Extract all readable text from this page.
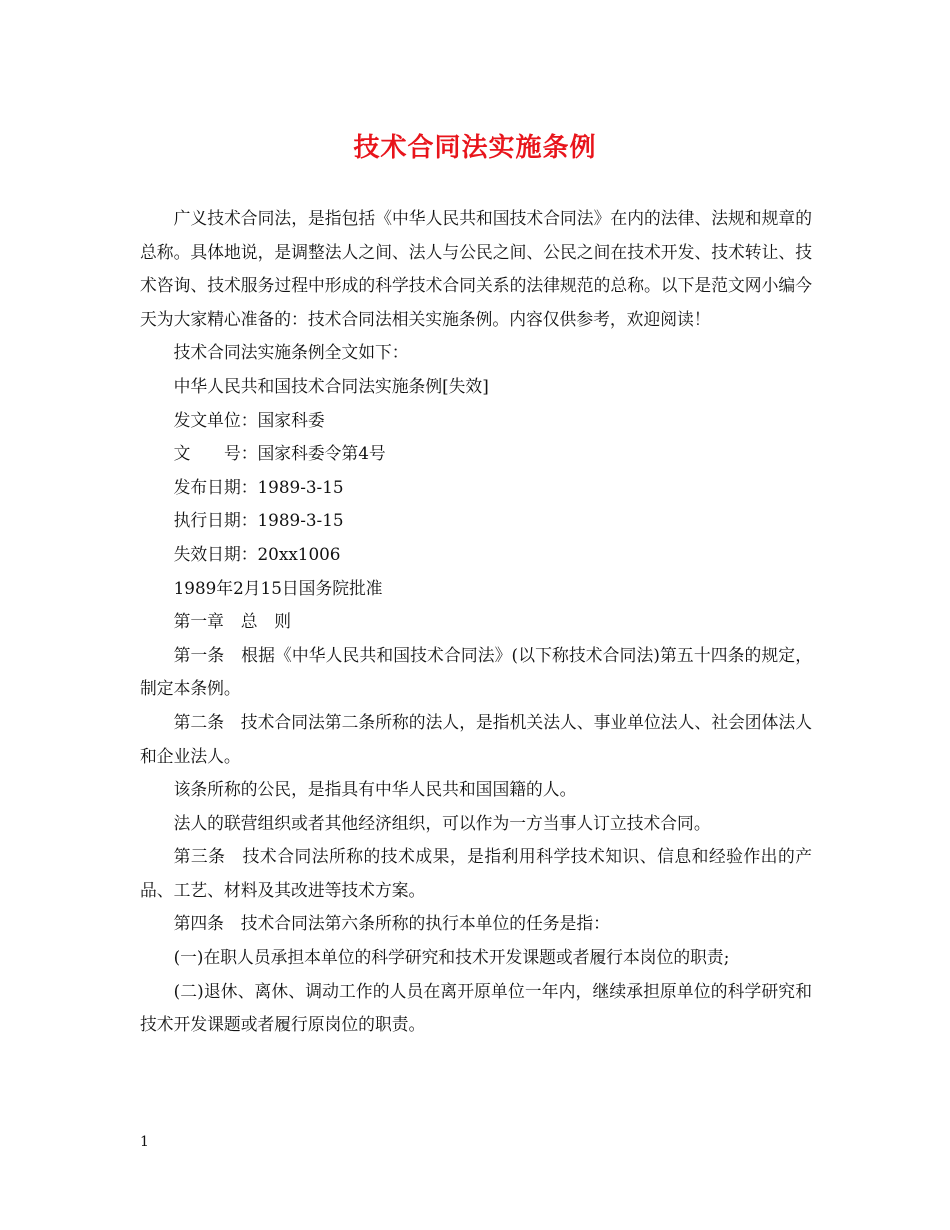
技术合同法实施条例

广义技术合同法，是指包括《中华人民共和国技术合同法》在内的法律、法规和规章的总称。具体地说，是调整法人之间、法人与公民之间、公民之间在技术开发、技术转让、技术咨询、技术服务过程中形成的科学技术合同关系的法律规范的总称。以下是范文网小编今天为大家精心准备的：技术合同法相关实施条例。内容仅供参考，欢迎阅读！

技术合同法实施条例全文如下：

中华人民共和国技术合同法实施条例[失效]

发文单位：国家科委

文　　号：国家科委令第4号

发布日期：1989-3-15

执行日期：1989-3-15

失效日期：20xx1006

1989年2月15日国务院批准

第一章　总　则

第一条　根据《中华人民共和国技术合同法》(以下称技术合同法)第五十四条的规定，制定本条例。

第二条　技术合同法第二条所称的法人，是指机关法人、事业单位法人、社会团体法人和企业法人。

该条所称的公民，是指具有中华人民共和国国籍的人。

法人的联营组织或者其他经济组织，可以作为一方当事人订立技术合同。

第三条　技术合同法所称的技术成果，是指利用科学技术知识、信息和经验作出的产品、工艺、材料及其改进等技术方案。

第四条　技术合同法第六条所称的执行本单位的任务是指：

(一)在职人员承担本单位的科学研究和技术开发课题或者履行本岗位的职责;

(二)退休、离休、调动工作的人员在离开原单位一年内，继续承担原单位的科学研究和技术开发课题或者履行原岗位的职责。

1
